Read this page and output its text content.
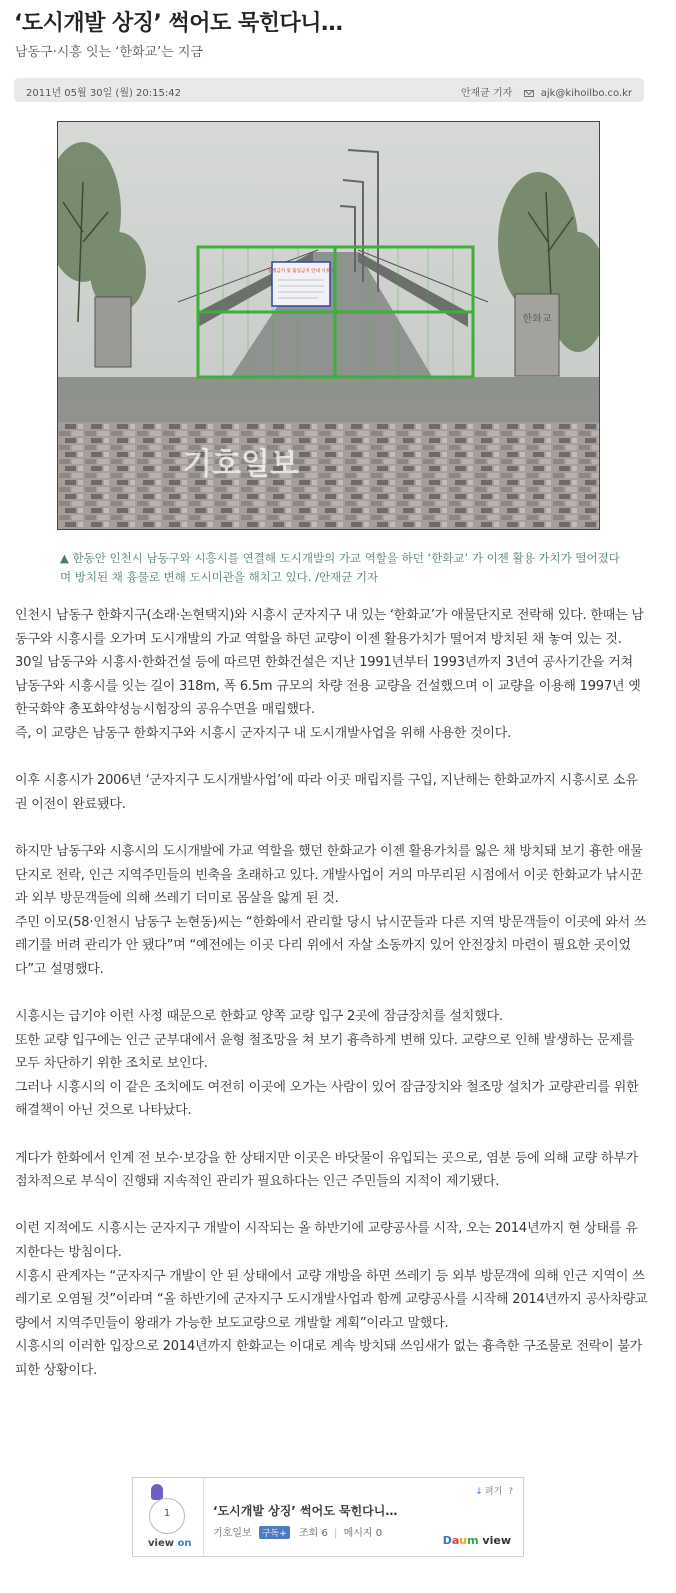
‘도시개발 상징’ 썩어도 묵힌다니…
남동구·시흥 잇는 ‘한화교’는 지금
2011년 05월 30일 (월) 20:15:42	안재균 기자	ajk@kihoilbo.co.kr
한화교
통행금지 및 출입금지 안내 시흥시
기호일보
▲ 한동안 인천시 남동구와 시흥시를 연결해 도시개발의 가교 역할을 하던 ‘한화교’ 가 이젠 활용 가치가 떨어졌다며 방치된 채 흉물로 변해 도시미관을 해치고 있다. /안재균 기자

인천시 남동구 한화지구(소래·논현택지)와 시흥시 군자지구 내 있는 ‘한화교’가 애물단지로 전락해 있다. 한때는 남동구와 시흥시를 오가며 도시개발의 가교 역할을 하던 교량이 이젠 활용가치가 떨어져 방치된 채 놓여 있는 것.
30일 남동구와 시흥시·한화건설 등에 따르면 한화건설은 지난 1991년부터 1993년까지 3년여 공사기간을 거쳐 남동구와 시흥시를 잇는 길이 318m, 폭 6.5m 규모의 차량 전용 교량을 건설했으며 이 교량을 이용해 1997년 옛 한국화약 총포화약성능시험장의 공유수면을 매립했다.
즉, 이 교량은 남동구 한화지구와 시흥시 군자지구 내 도시개발사업을 위해 사용한 것이다.

이후 시흥시가 2006년 ‘군자지구 도시개발사업’에 따라 이곳 매립지를 구입, 지난해는 한화교까지 시흥시로 소유권 이전이 완료됐다.

하지만 남동구와 시흥시의 도시개발에 가교 역할을 했던 한화교가 이젠 활용가치를 잃은 채 방치돼 보기 흉한 애물단지로 전락, 인근 지역주민들의 빈축을 초래하고 있다. 개발사업이 거의 마무리된 시점에서 이곳 한화교가 낚시꾼과 외부 방문객들에 의해 쓰레기 더미로 몸살을 앓게 된 것.
주민 이모(58·인천시 남동구 논현동)씨는 “한화에서 관리할 당시 낚시꾼들과 다른 지역 방문객들이 이곳에 와서 쓰레기를 버려 관리가 안 됐다”며 “예전에는 이곳 다리 위에서 자살 소동까지 있어 안전장치 마련이 필요한 곳이었다”고 설명했다.

시흥시는 급기야 이런 사정 때문으로 한화교 양쪽 교량 입구 2곳에 잠금장치를 설치했다.
또한 교량 입구에는 인근 군부대에서 윤형 철조망을 쳐 보기 흉측하게 변해 있다. 교량으로 인해 발생하는 문제를 모두 차단하기 위한 조치로 보인다.
그러나 시흥시의 이 같은 조치에도 여전히 이곳에 오가는 사람이 있어 잠금장치와 철조망 설치가 교량관리를 위한 해결책이 아닌 것으로 나타났다.

게다가 한화에서 인계 전 보수·보강을 한 상태지만 이곳은 바닷물이 유입되는 곳으로, 염분 등에 의해 교량 하부가 점차적으로 부식이 진행돼 지속적인 관리가 필요하다는 인근 주민들의 지적이 제기됐다.

이런 지적에도 시흥시는 군자지구 개발이 시작되는 올 하반기에 교량공사를 시작, 오는 2014년까지 현 상태를 유지한다는 방침이다.
시흥시 관계자는 “군자지구 개발이 안 된 상태에서 교량 개방을 하면 쓰레기 등 외부 방문객에 의해 인근 지역이 쓰레기로 오염될 것”이라며 “올 하반기에 군자지구 도시개발사업과 함께 교량공사를 시작해 2014년까지 공사차량교량에서 지역주민들이 왕래가 가능한 보도교량으로 개발할 계획”이라고 말했다.
시흥시의 이러한 입장으로 2014년까지 한화교는 이대로 계속 방치돼 쓰임새가 없는 흉측한 구조물로 전락이 불가피한 상황이다.

1
view on
↓ 펴기 ?
‘도시개발 상징’ 썩어도 묵힌다니…
기호일보 구독+ 조회 6 | 메시지 0
Daum view
